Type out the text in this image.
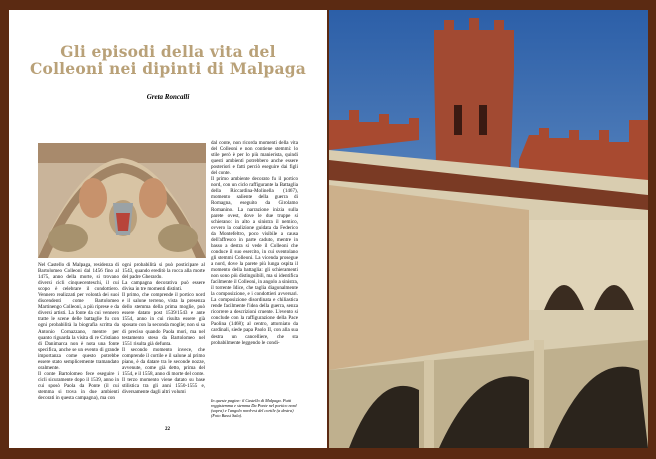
Gli episodi della vita del
Colleoni nei dipinti di Malpaga
Greta Roncalli

Nel Castello di Malpaga, residenza di Bartolomeo Colleoni dal 1456 fino al 1475, anno della morte, si trovano diversi cicli cinquecenteschi, il cui scopo è celebrare il condottiero. Vennero realizzati per volontà dei suoi discendenti come Bartolomeo Martinengo Colleoni, a più riprese e da diversi artisti. La fonte da cui vennero tratte le scene delle battaglie fu con ogni probabilità la biografia scritta da Antonio Cornazzano, mentre per quanto riguarda la visita di re Cristiano di Danimarca non è nota una fonte specifica, anche se un evento di grande importanza come questo potrebbe essere stato semplicemente tramandato oralmente.

Il conte Bartolomeo fece eseguire i cicli sicuramente dopo il 1539, anno in cui sposò Paola da Ponte (il cui stemma si trova in due ambienti decorati in questa campagna), ma con

ogni probabilità si può posticipare al 1543, quando ereditò la rocca alla morte del padre Gherardo.

La campagna decorativa può essere divisa in tre momenti distinti.

Il primo, che comprende il portico nord e il salone terreno, vista la presenza dello stemma della prima moglie, può essere datato post 1539/1543 e ante 1554, anno in cui risulta essere già sposato con la seconda moglie; non si sa di preciso quando Paola morì, ma nel testamento steso da Bartolomeo nel 1551 risulta già defunta.

Il secondo momento invece, che comprende il cortile e il salone al primo piano, è da datare tra le seconde nozze, avvenute, come già detto, prima del 1554, e il 1558, anno di morte del conte.

Il terzo momento viene datato su base stilistica tra gli anni 1550-1555 e, diversamente dagli altri volumi

dal conte, non ricorda momenti della vita del Colleoni e non contiene stemmi: lo stile però è per lo più manierista, quindi questi ambienti potrebbero anche essere posteriori e fatti perciò eseguire dai figli del conte.

Il primo ambiente decorato fu il portico nord, con un ciclo raffigurante la Battaglia della Riccardina-Molinella (1467), momento saliente della guerra di Romagna, eseguito da Girolamo Romanino. La narrazione inizia sulla parete ovest, dove le due truppe si schierano: in alto a sinistra il nemico, ovvero la coalizione guidata da Federico da Montefeltro, poco visibile a causa dell'affresco in parte caduto, mentre in basso a destra si vede il Colleoni che conduce il suo esercito, in cui sventolano gli stemmi Colleoni. La vicenda prosegue a nord, dove la parete più lunga ospita il momento della battaglia: gli schieramenti non sono più distinguibili, ma si identifica facilmente il Colleoni, in angolo a sinistra, il torrente Idice, che taglia diagonalmente la composizione, e i condottieri avversari. La composizione disordinata e chiliastica rende facilmente l'idea della guerra, senza ricorrere a descrizioni cruente. L'evento si conclude con la raffigurazione della Pace Paolina (1468); al centro, attorniato da cardinali, siede papa Paolo II, con alla sua destra un cancelliere, che sta probabilmente leggendo le condi-

In queste pagine: il Castello di Malpaga. Putti reggistemma e stemma Da Ponte nel portico nord (sopra) e l'angolo nord-est del cortile (a destra) (Foto Bassi Sala).
22
